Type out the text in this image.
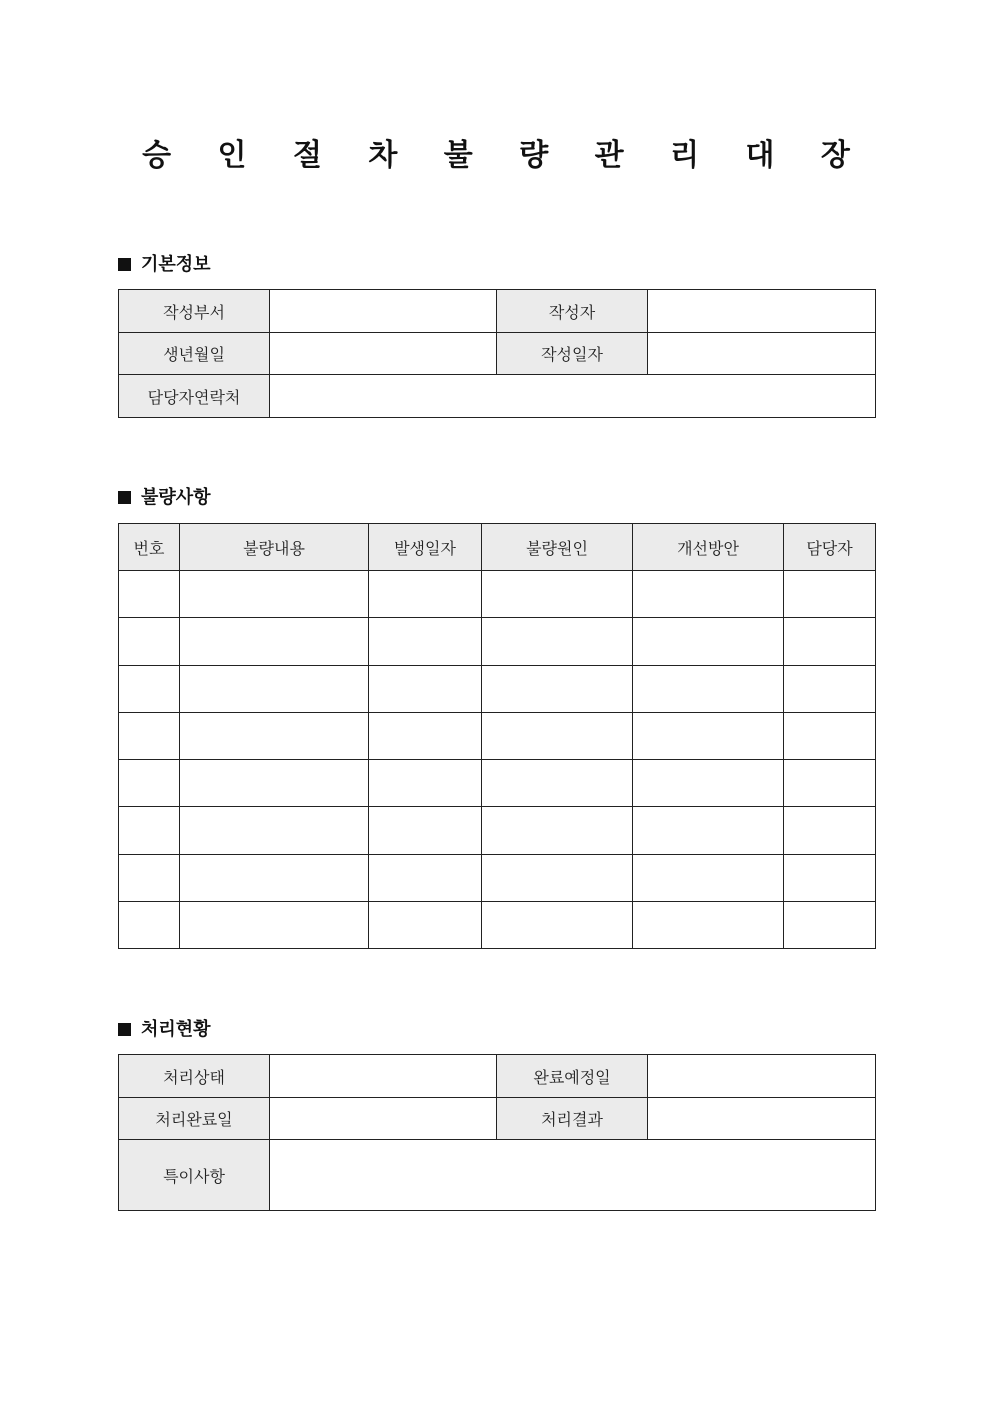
승 인 절 차 불 량 관 리 대 장
기본정보
작성부서		작성자	
생년월일		작성일자	
담당자연락처			
불량사항
번호	불량내용	발생일자	불량원인	개선방안	담당자

처리현황
처리상태		완료예정일	
처리완료일		처리결과	
특이사항			
